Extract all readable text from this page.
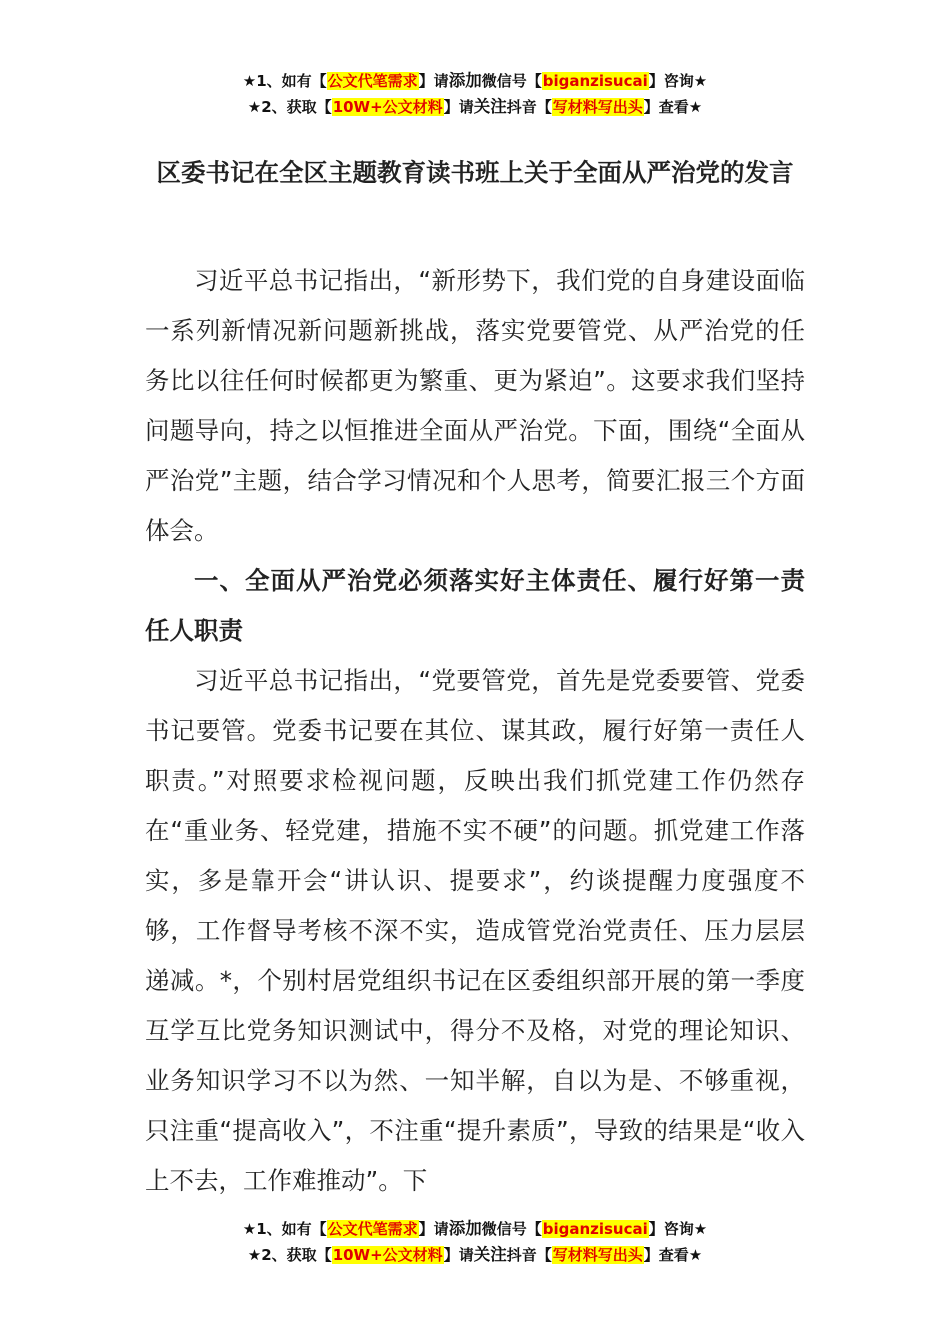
★1、如有【公文代笔需求】请添加微信号【biganzisucai】咨询★
★2、获取【10W+公文材料】请关注抖音【写材料写出头】查看★
区委书记在全区主题教育读书班上关于全面从严治党的发言

习近平总书记指出，“新形势下，我们党的自身建设面临一系列新情况新问题新挑战，落实党要管党、从严治党的任务比以往任何时候都更为繁重、更为紧迫”。这要求我们坚持问题导向，持之以恒推进全面从严治党。下面，围绕“全面从严治党”主题，结合学习情况和个人思考，简要汇报三个方面体会。

一、全面从严治党必须落实好主体责任、履行好第一责任人职责

习近平总书记指出，“党要管党，首先是党委要管、党委书记要管。党委书记要在其位、谋其政，履行好第一责任人职责。”对照要求检视问题，反映出我们抓党建工作仍然存在“重业务、轻党建，措施不实不硬”的问题。抓党建工作落实，多是靠开会“讲认识、提要求”，约谈提醒力度强度不够，工作督导考核不深不实，造成管党治党责任、压力层层递减。*，个别村居党组织书记在区委组织部开展的第一季度互学互比党务知识测试中，得分不及格，对党的理论知识、业务知识学习不以为然、一知半解，自以为是、不够重视，只注重“提高收入”，不注重“提升素质”，导致的结果是“收入上不去，工作难推动”。下

★1、如有【公文代笔需求】请添加微信号【biganzisucai】咨询★
★2、获取【10W+公文材料】请关注抖音【写材料写出头】查看★
